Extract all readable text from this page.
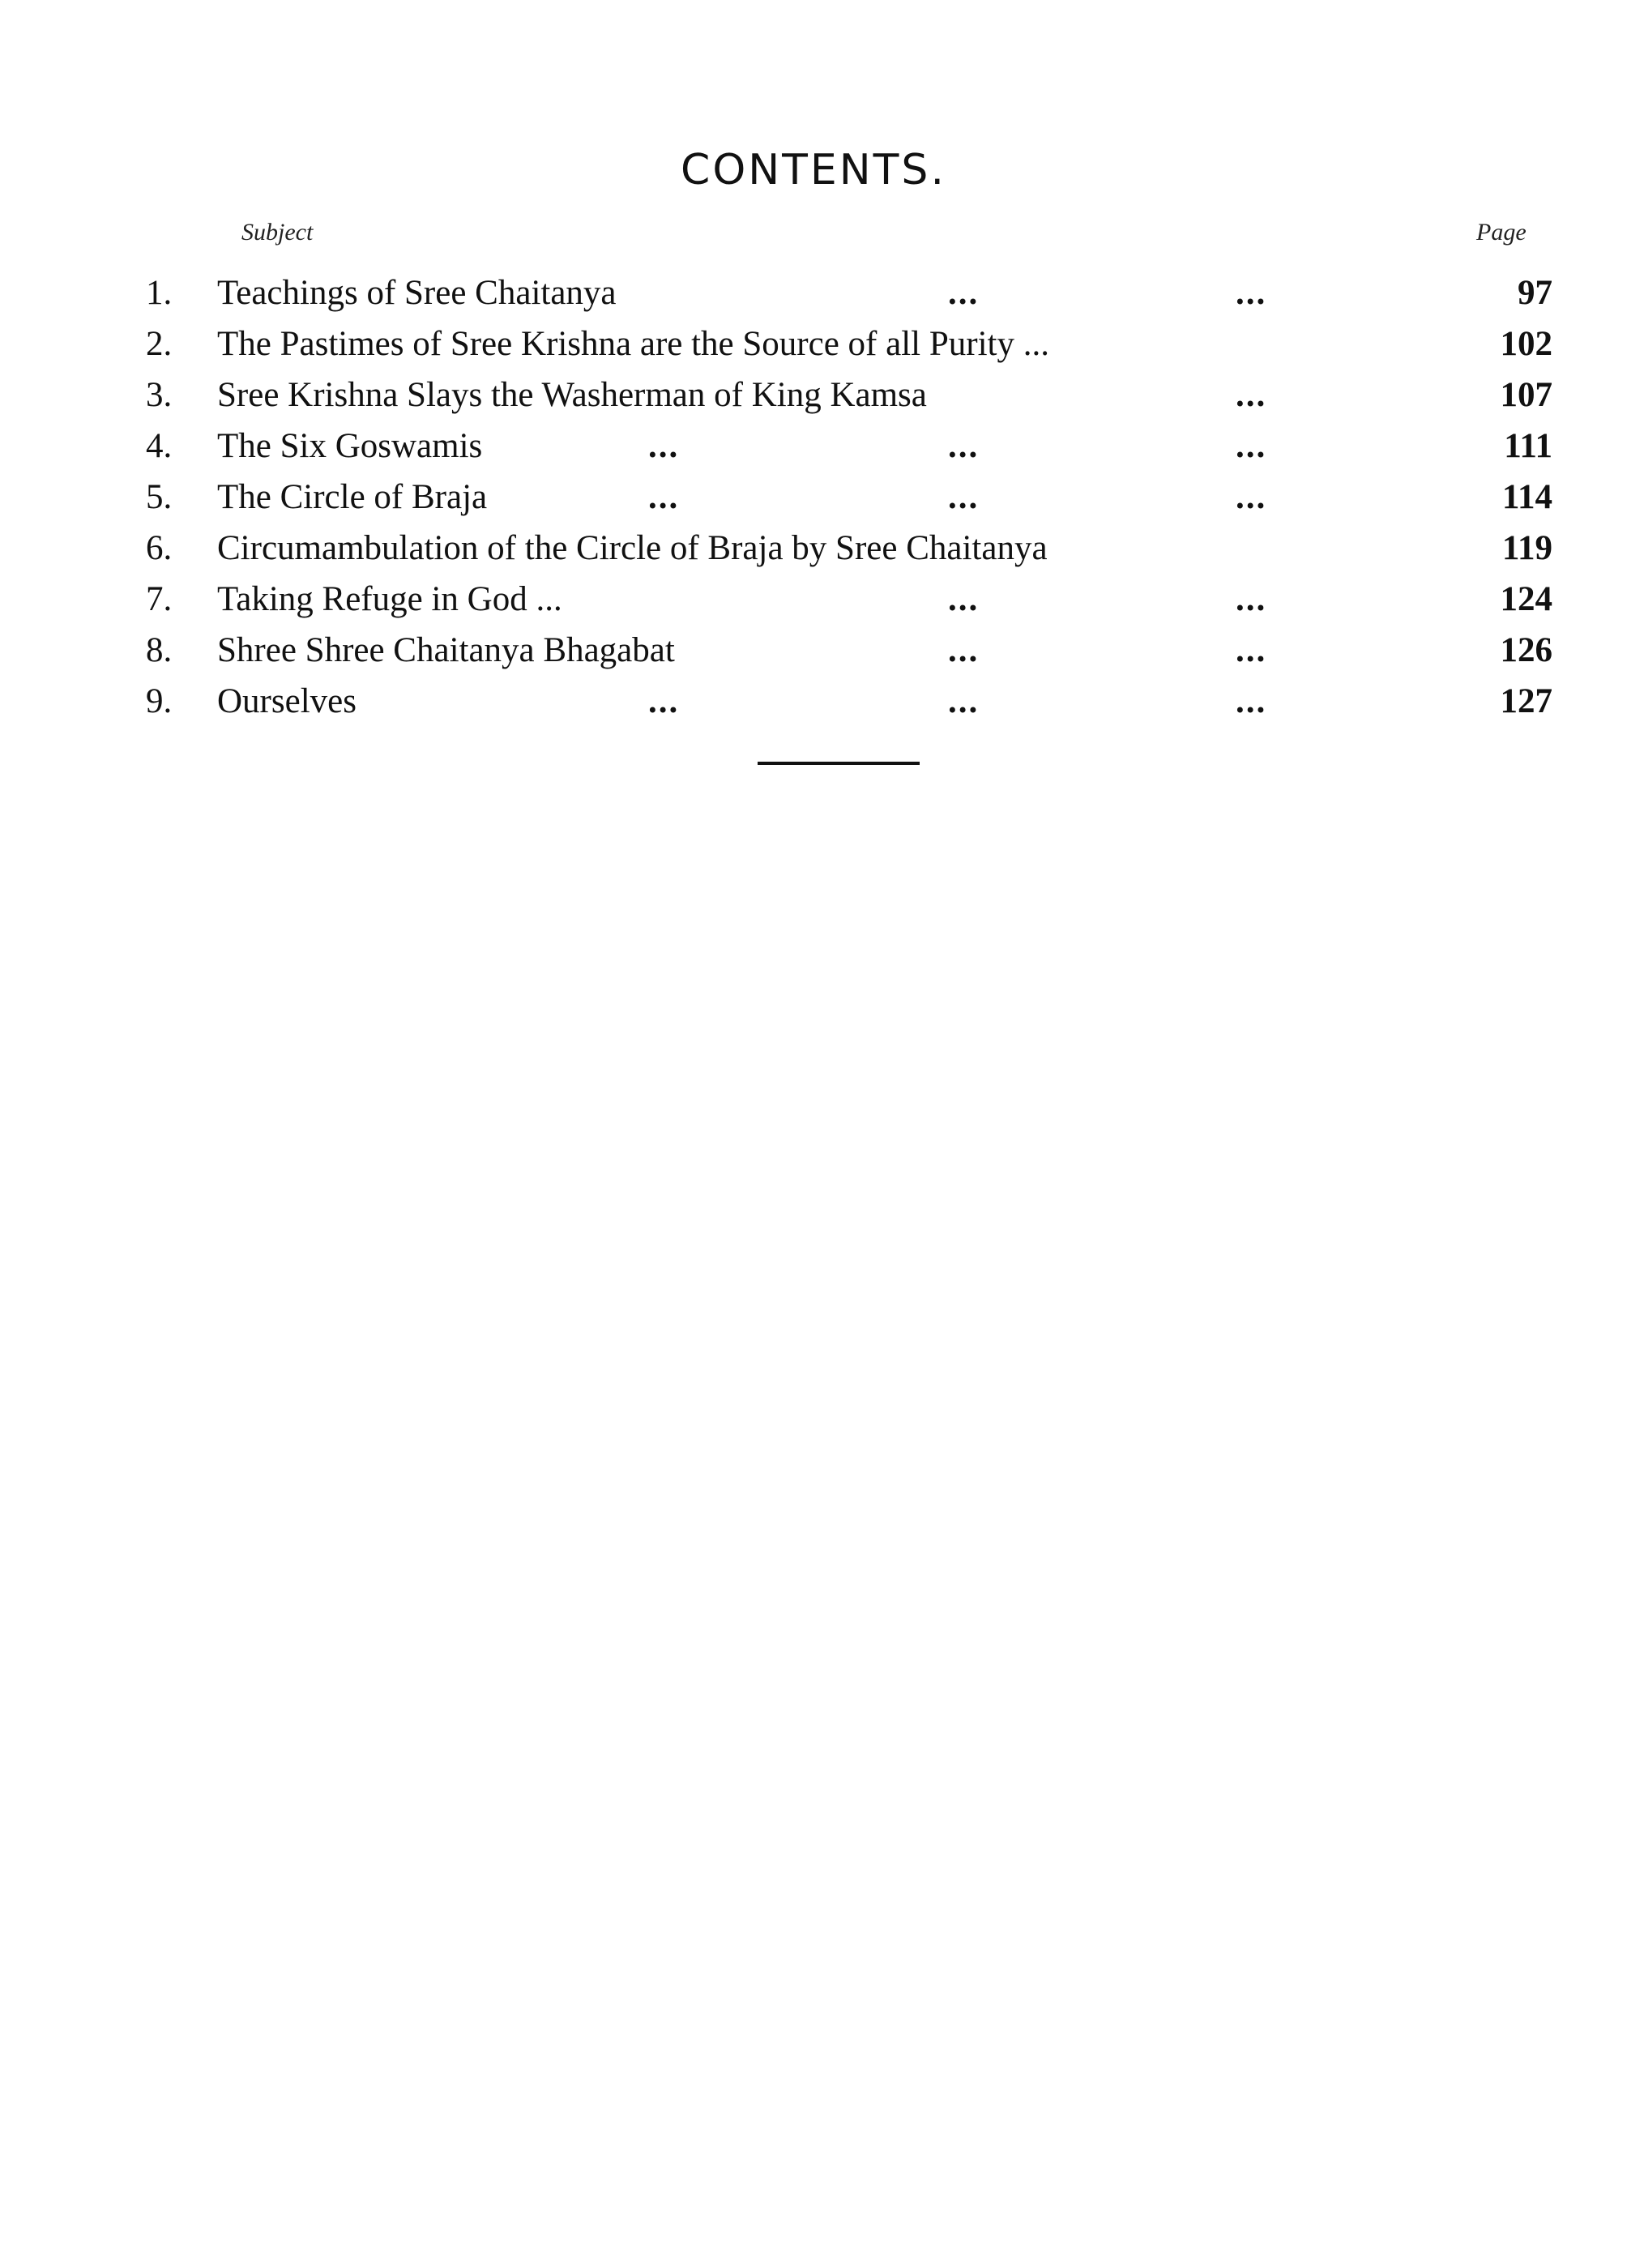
CONTENTS.
Subject	Page
1.	Teachings of Sree Chaitanya	...	...	97
2.	The Pastimes of Sree Krishna are the Source of all Purity ...	102
3.	Sree Krishna Slays the Washerman of King Kamsa	...	107
4.	The Six Goswamis	...	...	...	111
5.	The Circle of Braja	...	...	...	114
6.	Circumambulation of the Circle of Braja by Sree Chaitanya	119
7.	Taking Refuge in God ...	...	...	124
8.	Shree Shree Chaitanya Bhagabat	...	...	126
9.	Ourselves	...	...	...	127
